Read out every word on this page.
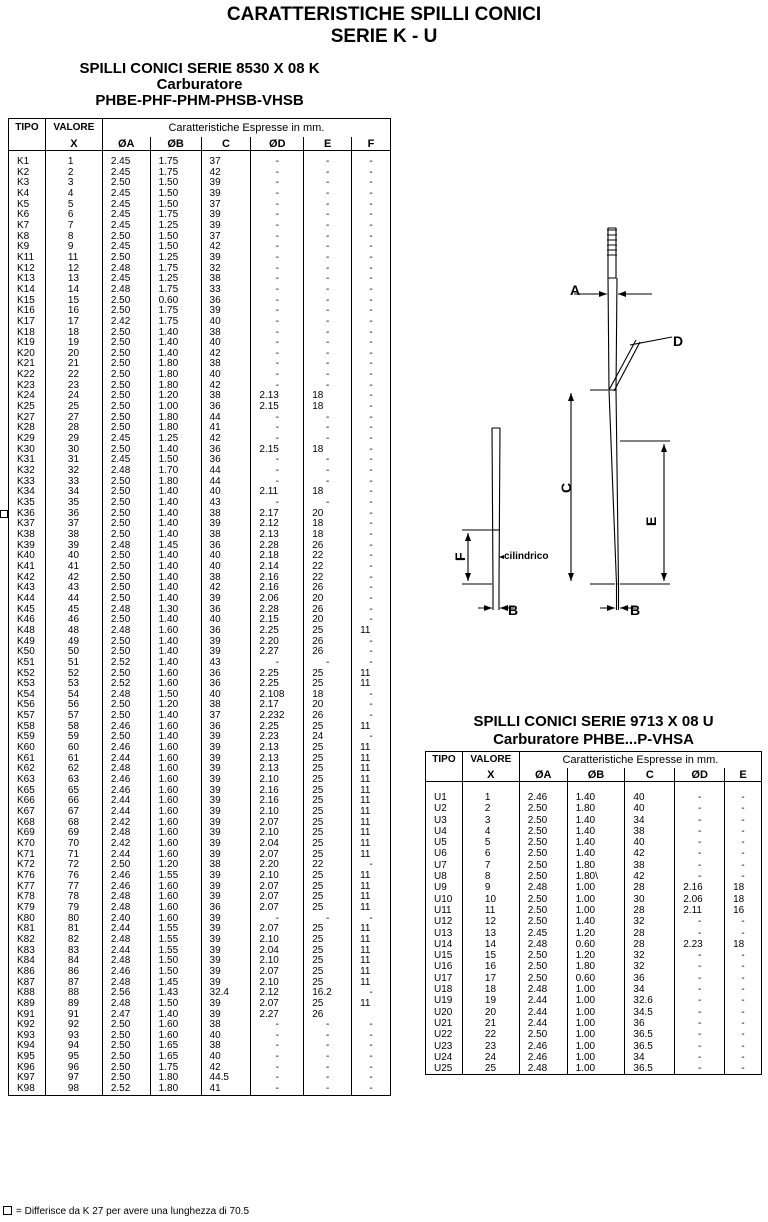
CARATTERISTICHE SPILLI CONICI
SERIE K - U
SPILLI CONICI SERIE 8530 X 08 K
Carburatore
PHBE-PHF-PHM-PHSB-VHSB
TIPO	VALORE	Caratteristiche Espresse in mm.					
	X	ØA	ØB	C	ØD	E	F
K1	1	2.45	1.75	37	-	-	-
K2	2	2.45	1.75	42	-	-	-
K3	3	2.50	1.50	39	-	-	-
K4	4	2.45	1.50	39	-	-	-
K5	5	2.45	1.50	37	-	-	-
K6	6	2.45	1.75	39	-	-	-
K7	7	2.45	1.25	39	-	-	-
K8	8	2.50	1.50	37	-	-	-
K9	9	2.45	1.50	42	-	-	-
K11	11	2.50	1.25	39	-	-	-
K12	12	2.48	1.75	32	-	-	-
K13	13	2.45	1.25	38	-	-	-
K14	14	2.48	1.75	33	-	-	-
K15	15	2.50	0.60	36	-	-	-
K16	16	2.50	1.75	39	-	-	-
K17	17	2.42	1.75	40	-	-	-
K18	18	2.50	1.40	38	-	-	-
K19	19	2.50	1.40	40	-	-	-
K20	20	2.50	1.40	42	-	-	-
K21	21	2.50	1.80	38	-	-	-
K22	22	2.50	1.80	40	-	-	-
K23	23	2.50	1.80	42	-	-	-
K24	24	2.50	1.20	38	2.13	18	-
K25	25	2.50	1.00	36	2.15	18	-
K27	27	2.50	1.80	44	-	-	-
K28	28	2.50	1.80	41	-	-	-
K29	29	2.45	1.25	42	-	-	-
K30	30	2.50	1.40	36	2.15	18	-
K31	31	2.45	1.50	36	-	-	-
K32	32	2.48	1.70	44	-	-	-
K33	33	2.50	1.80	44	-	-	-
K34	34	2.50	1.40	40	2.11	18	-
K35	35	2.50	1.40	43	-	-	-
K36	36	2.50	1.40	38	2.17	20	-
K37	37	2.50	1.40	39	2.12	18	-
K38	38	2.50	1.40	38	2.13	18	-
K39	39	2.48	1.45	36	2.28	26	-
K40	40	2.50	1.40	40	2.18	22	-
K41	41	2.50	1.40	40	2.14	22	-
K42	42	2.50	1.40	38	2.16	22	-
K43	43	2.50	1.40	42	2.16	26	-
K44	44	2.50	1.40	39	2.06	20	-
K45	45	2.48	1.30	36	2.28	26	-
K46	46	2.50	1.40	40	2.15	20	-
K48	48	2.48	1.60	36	2.25	25	11
K49	49	2.50	1.40	39	2.20	26	-
K50	50	2.50	1.40	39	2.27	26	-
K51	51	2.52	1.40	43	-	-	-
K52	52	2.50	1.60	36	2.25	25	11
K53	53	2.52	1.60	36	2.25	25	11
K54	54	2.48	1.50	40	2.108	18	-
K56	56	2.50	1.20	38	2.17	20	-
K57	57	2.50	1.40	37	2.232	26	-
K58	58	2.46	1.60	36	2.25	25	11
K59	59	2.50	1.40	39	2.23	24	-
K60	60	2.46	1.60	39	2.13	25	11
K61	61	2.44	1.60	39	2.13	25	11
K62	62	2.48	1.60	39	2.13	25	11
K63	63	2.46	1.60	39	2.10	25	11
K65	65	2.46	1.60	39	2.16	25	11
K66	66	2.44	1.60	39	2.16	25	11
K67	67	2.44	1.60	39	2.10	25	11
K68	68	2.42	1.60	39	2.07	25	11
K69	69	2.48	1.60	39	2.10	25	11
K70	70	2.42	1.60	39	2.04	25	11
K71	71	2.44	1.60	39	2.07	25	11
K72	72	2.50	1.20	38	2.20	22	-
K76	76	2.46	1.55	39	2.10	25	11
K77	77	2.46	1.60	39	2.07	25	11
K78	78	2.48	1.60	39	2.07	25	11
K79	79	2.48	1.60	36	2.07	25	11
K80	80	2.40	1.60	39	-	-	-
K81	81	2.44	1.55	39	2.07	25	11
K82	82	2.48	1.55	39	2.10	25	11
K83	83	2.44	1.55	39	2.04	25	11
K84	84	2.48	1.50	39	2.10	25	11
K86	86	2.46	1.50	39	2.07	25	11
K87	87	2.48	1.45	39	2.10	25	11
K88	88	2.56	1.43	32.4	2.12	16.2	-
K89	89	2.48	1.50	39	2.07	25	11
K91	91	2.47	1.40	39	2.27	26	
K92	92	2.50	1.60	38	-	-	-
K93	93	2.50	1.60	40	-	-	-
K94	94	2.50	1.65	38	-	-	-
K95	95	2.50	1.65	40	-	-	-
K96	96	2.50	1.75	42	-	-	-
K97	97	2.50	1.80	44.5	-	-	-
K98	98	2.52	1.80	41	-	-	-
SPILLI CONICI SERIE 9713 X 08 U
Carburatore PHBE...P-VHSA
TIPO	VALORE	Caratteristiche Espresse in mm.				
	X	ØA	ØB	C	ØD	E
U1	1	2.46	1.40	40	-	-
U2	2	2.50	1.80	40	-	-
U3	3	2.50	1.40	34	-	-
U4	4	2.50	1.40	38	-	-
U5	5	2.50	1.40	40	-	-
U6	6	2.50	1.40	42	-	-
U7	7	2.50	1.80	38	-	-
U8	8	2.50	1.80\	42	-	-
U9	9	2.48	1.00	28	2.16	18
U10	10	2.50	1.00	30	2.06	18
U11	11	2.50	1.00	28	2.11	16
U12	12	2.50	1.40	32	-	-
U13	13	2.45	1.20	28	-	-
U14	14	2.48	0.60	28	2.23	18
U15	15	2.50	1.20	32	-	-
U16	16	2.50	1.80	32	-	-
U17	17	2.50	0.60	36	-	-
U18	18	2.48	1.00	34	-	-
U19	19	2.44	1.00	32.6	-	-
U20	20	2.44	1.00	34.5	-	-
U21	21	2.44	1.00	36	-	-
U22	22	2.50	1.00	36.5	-	-
U23	23	2.46	1.00	36.5	-	-
U24	24	2.46	1.00	34	-	-
U25	25	2.48	1.00	36.5	-	-
A
D
C
E
F
B
B
cilindrico
= Differisce da K 27 per avere una lunghezza di 70.5
